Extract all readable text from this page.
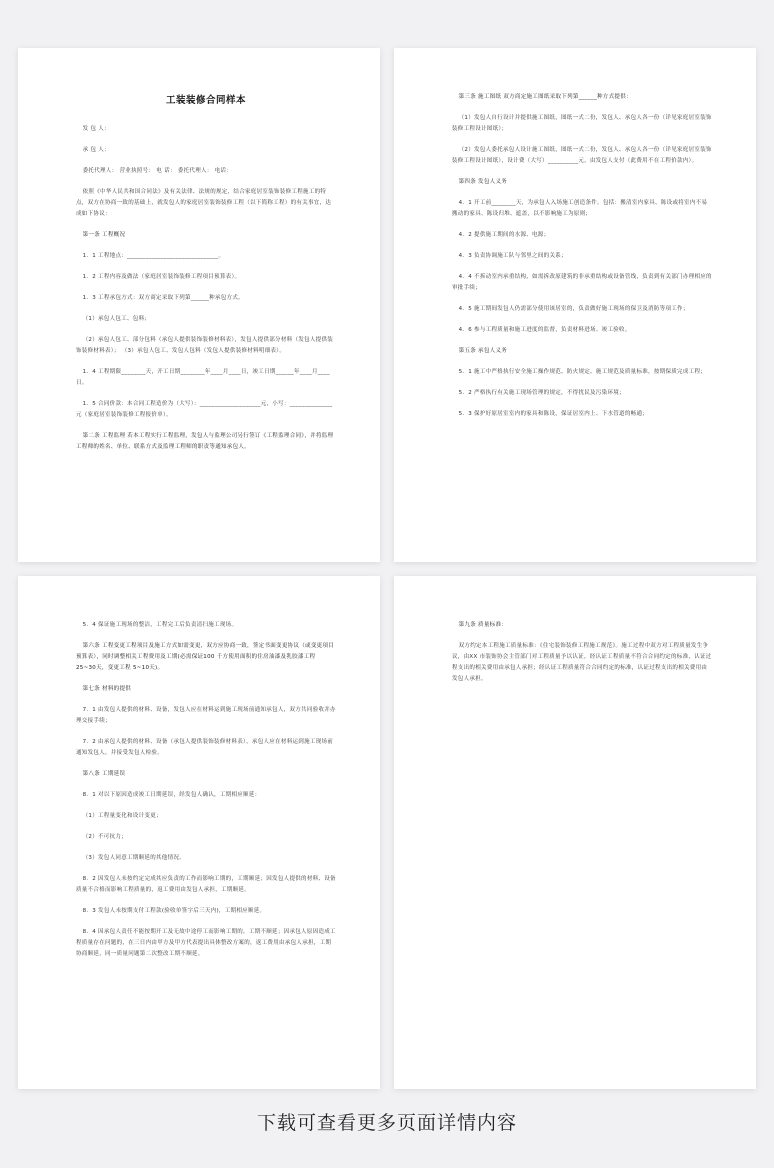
工装装修合同样本

发 包 人：

承 包 人：

委托代理人： 营业执照号： 电 话： 委托代理人： 电话：

依照《中华人民共和国合同法》及有关法律、法规的规定，结合家庭居室装饰装修工程施工的特点，双方在协商一致的基础上，就发包人的家庭居室装饰装修工程（以下简称工程）的有关事宜，达成如下协议：

第一条 工程概况

1．1 工程地点：______________________________。

1．2 工程内容及做法（家庭居室装饰装修工程项目预算表）。

1．3 工程承包方式：双方商定采取下列第______种承包方式。

（1）承包人包工、包料；

（2）承包人包工、部分包料（承包人提供装饰装修材料表），发包人提供部分材料（发包人提供装饰装修材料表）； （3）承包人包工、发包人包料（发包人提供装修材料明细表）。

1．4 工程期限________天，开工日期________年____月____日，竣工日期______年____月____日。

1．5 合同价款：本合同工程造价为（大写）：____________________元，小写：______________元（家庭居室装饰装修工程报价单）。

第二条 工程监理 若本工程实行工程监理，发包人与监理公司另行签订《工程监理合同》，并将监理工程师的姓名、单位、联系方式及监理工程师的职责等通知承包人。

第三条 施工图纸 双方商定施工图纸采取下列第______种方式提供：

（1）发包人自行设计并提供施工图纸，图纸一式二份，发包人、承包人各一份（详见家庭居室装饰装修工程设计图纸）；

（2）发包人委托承包人设计施工图纸，图纸一式二份，发包人、承包人各一份（详见家庭居室装饰装修工程设计图纸），设计费（大写）__________元，由发包人支付（此费用不在工程价款内）。

第四条 发包人义务

4．1 开工前________天，为承包人入场施工创造条件。包括：搬清室内家具、陈设或将室内不易搬动的家具、陈设归堆、遮盖，以不影响施工为原则；

4．2 提供施工期间的水源、电源；

4．3 负责协调施工队与邻里之间的关系；

4．4 不拆动室内承重结构，如需拆改原建筑的非承重结构或设备管线，负责到有关部门办理相应的审批手续；

4．5 施工期间发包人仍需部分使用该居室的，负责做好施工现场的保卫及消防等项工作；

4．6 参与工程质量和施工进度的监督，负责材料进场、竣工验收。

第五条 承包人义务

5．1 施工中严格执行安全施工操作规范、防火规定、施工规范及质量标准，按期保质完成工程；

5．2 严格执行有关施工现场管理的规定，不得扰民及污染环境；

5．3 保护好原居室室内的家具和陈设，保证居室内上、下水管道的畅通；

5．4 保证施工现场的整洁，工程完工后负责清扫施工现场。

第六条 工程变更工程项目及施工方式如需变更，双方应协商一致，签定书面变更协议（或变更项目预算表），同时调整相关工程费用及工期(必需保证100 千方使用面积的住房油漆及乳胶漆工程 25~30天，变更工程 5~10天)。

第七条 材料的提供

7．1 由发包人提供的材料、设备，发包人应在材料运到施工现场前通知承包人，双方共同验收并办理交接手续；

7．2 由承包人提供的材料、设备（承包人提供装饰装修材料表），承包人应在材料运到施工现场前通知发包人，并接受发包人检验。

第八条 工期延误

8．1 对以下原因造成竣工日期延误，经发包人确认，工期相应顺延：

（1）工程量变化和设计变更；

（2）不可抗力；

（3）发包人同意工期顺延的其他情况。

8．2 因发包人未按约定完成其应负责的工作而影响工期的，工期顺延；因发包人提供的材料、设备质量不合格而影响工程质量的，返工费用由发包人承担，工期顺延。

8．3 发包人未按期支付工程款(验收单签字后三天内)，工期相应顺延。

8．4 因承包人责任不能按期开工及无故中途停工而影响工期的，工期不顺延；因承包人原因造成工程质量存在问题的，在三日内由甲方及甲方代表提出具体整改方案的，返工费用由承包人承担，工期协商顺延，同一质量问题第二次整改工期不顺延。

第九条 质量标准：

双方约定本工程施工质量标准：《住宅装饰装修工程施工规范》。施工过程中双方对工程质量发生争议，由XX 市装饰协会主管部门对工程质量予以认证，经认证工程质量不符合合同约定的标准，认证过程支出的相关费用由承包人承担；经认证工程质量符合合同约定的标准，认证过程支出的相关费用由发包人承担。

下载可查看更多页面详情内容
